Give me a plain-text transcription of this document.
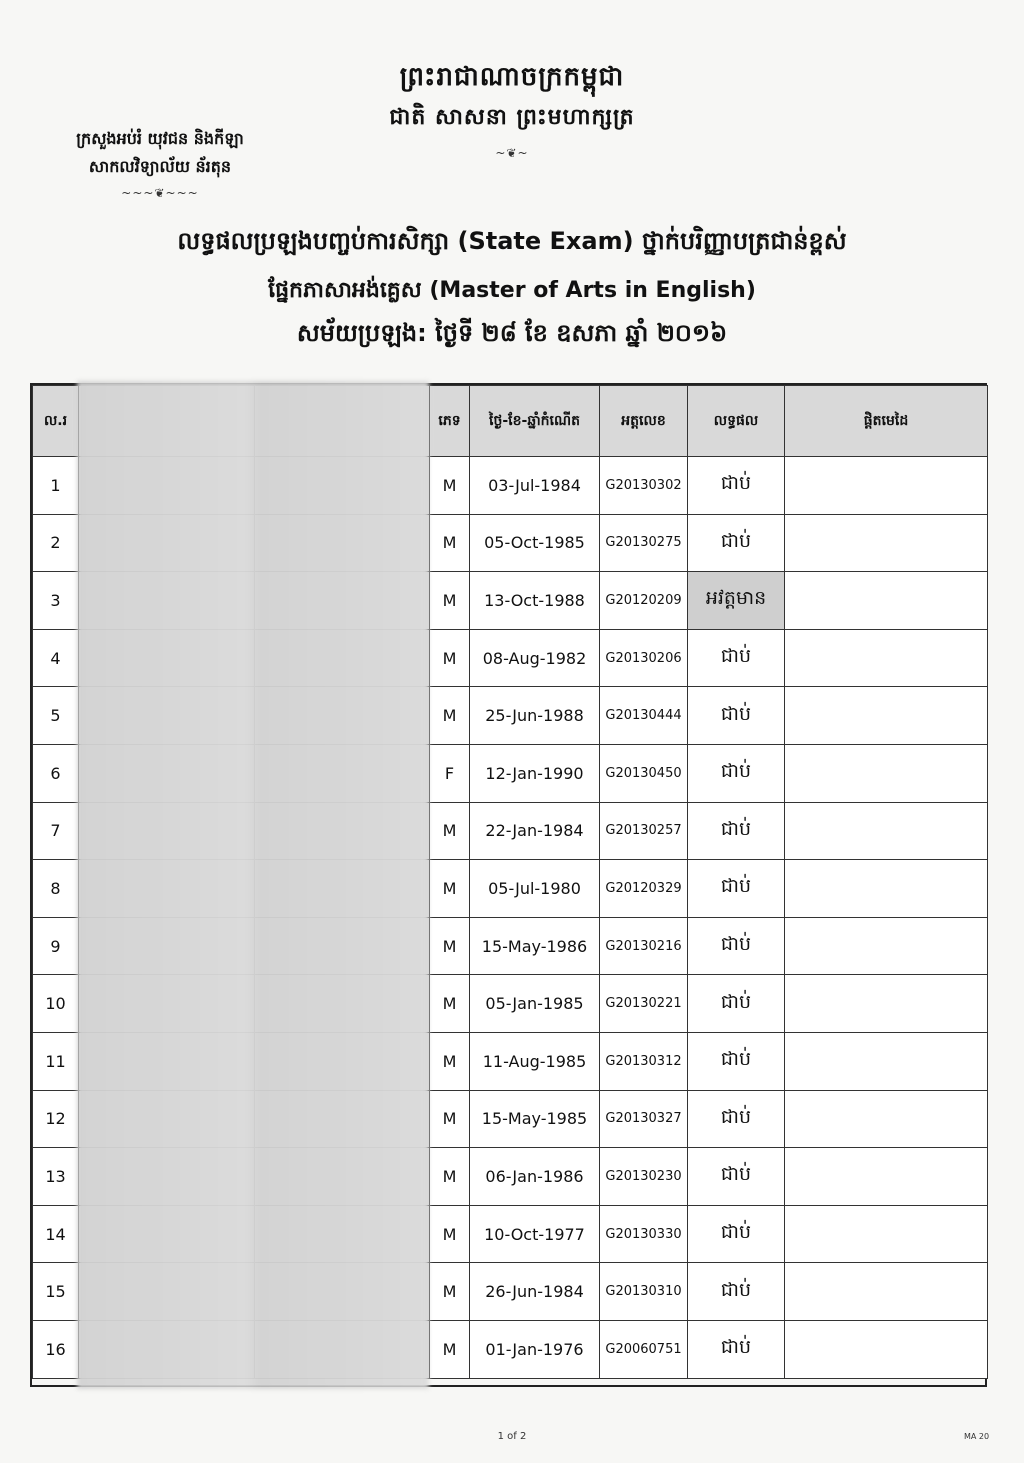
ព្រះរាជាណាចក្រកម្ពុជា
ជាតិ សាសនា ព្រះមហាក្សត្រ
~❦~
ក្រសួងអប់រំ យុវជន និងកីឡា
សាកលវិទ្យាល័យ ន័រតុន
~~~❦~~~
លទ្ធផលប្រឡងបញ្ចប់ការសិក្សា (State Exam) ថ្នាក់បរិញ្ញាបត្រជាន់ខ្ពស់
ផ្នែកភាសាអង់គ្លេស (Master of Arts in English)
សម័យប្រឡង: ថ្ងៃទី ២៨ ខែ ឧសភា ឆ្នាំ ២០១៦
ល.រ			ភេទ	ថ្ងៃ-ខែ-ឆ្នាំកំណើត	អត្តលេខ	លទ្ធផល	ផ្ដិតមេដៃ
1			M	03-Jul-1984	G20130302	ជាប់	
2			M	05-Oct-1985	G20130275	ជាប់	
3			M	13-Oct-1988	G20120209	អវត្តមាន	
4			M	08-Aug-1982	G20130206	ជាប់	
5			M	25-Jun-1988	G20130444	ជាប់	
6			F	12-Jan-1990	G20130450	ជាប់	
7			M	22-Jan-1984	G20130257	ជាប់	
8			M	05-Jul-1980	G20120329	ជាប់	
9			M	15-May-1986	G20130216	ជាប់	
10			M	05-Jan-1985	G20130221	ជាប់	
11			M	11-Aug-1985	G20130312	ជាប់	
12			M	15-May-1985	G20130327	ជាប់	
13			M	06-Jan-1986	G20130230	ជាប់	
14			M	10-Oct-1977	G20130330	ជាប់	
15			M	26-Jun-1984	G20130310	ជាប់	
16			M	01-Jan-1976	G20060751	ជាប់	
1 of 2	MA 20
